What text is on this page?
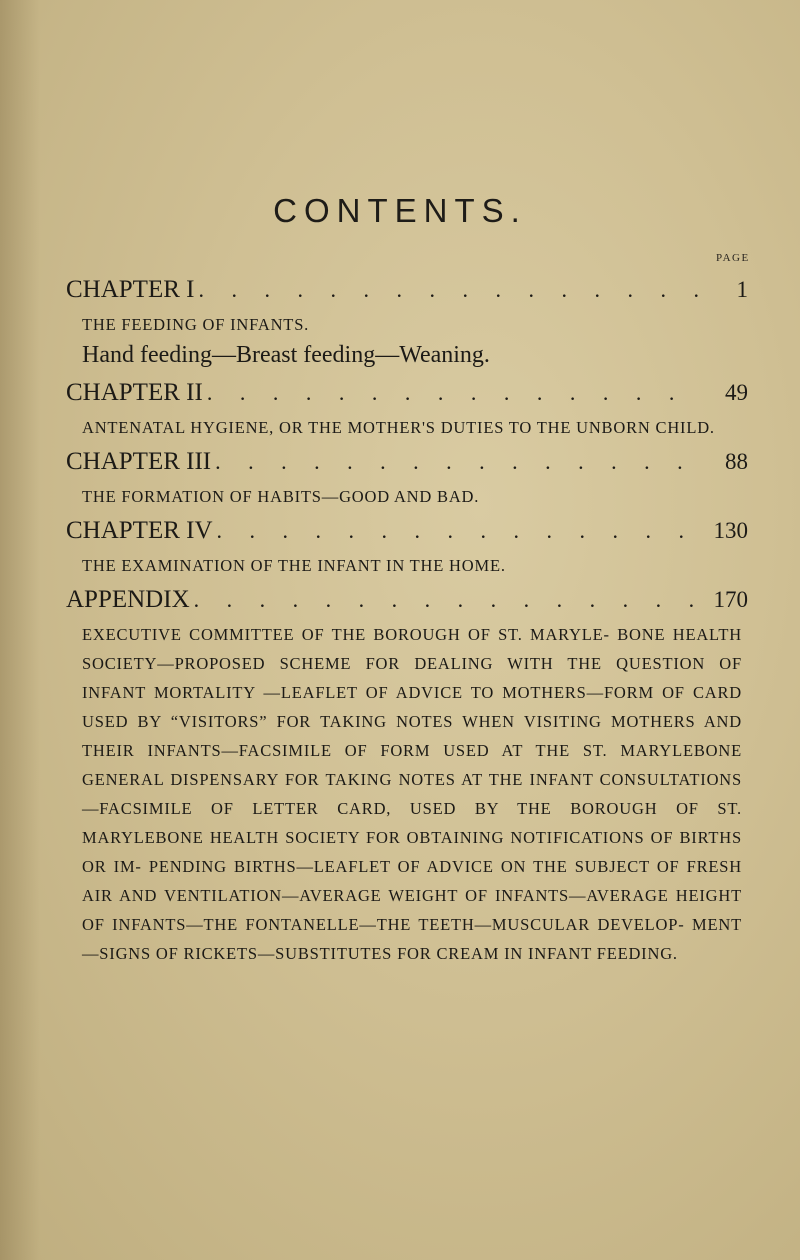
CONTENTS.
PAGE
CHAPTER I . . .	1
THE FEEDING OF INFANTS.
Hand feeding—Breast feeding—Weaning.
CHAPTER II . . .	49
ANTENATAL HYGIENE, OR THE MOTHER'S DUTIES TO THE UNBORN CHILD.
CHAPTER III . . .	88
THE FORMATION OF HABITS—GOOD AND BAD.
CHAPTER IV . . .	130
THE EXAMINATION OF THE INFANT IN THE HOME.
APPENDIX . . .	170
EXECUTIVE COMMITTEE OF THE BOROUGH OF ST. MARYLE- BONE HEALTH SOCIETY—PROPOSED SCHEME FOR DEALING WITH THE QUESTION OF INFANT MORTALITY —LEAFLET OF ADVICE TO MOTHERS—FORM OF CARD USED BY “VISITORS” FOR TAKING NOTES WHEN VISITING MOTHERS AND THEIR INFANTS—FACSIMILE OF FORM USED AT THE ST. MARYLEBONE GENERAL DISPENSARY FOR TAKING NOTES AT THE INFANT CONSULTATIONS—FACSIMILE OF LETTER CARD, USED BY THE BOROUGH OF ST. MARYLEBONE HEALTH SOCIETY FOR OBTAINING NOTIFICATIONS OF BIRTHS OR IM- PENDING BIRTHS—LEAFLET OF ADVICE ON THE SUBJECT OF FRESH AIR AND VENTILATION—AVERAGE WEIGHT OF INFANTS—AVERAGE HEIGHT OF INFANTS—THE FONTANELLE—THE TEETH—MUSCULAR DEVELOP- MENT—SIGNS OF RICKETS—SUBSTITUTES FOR CREAM IN INFANT FEEDING.
